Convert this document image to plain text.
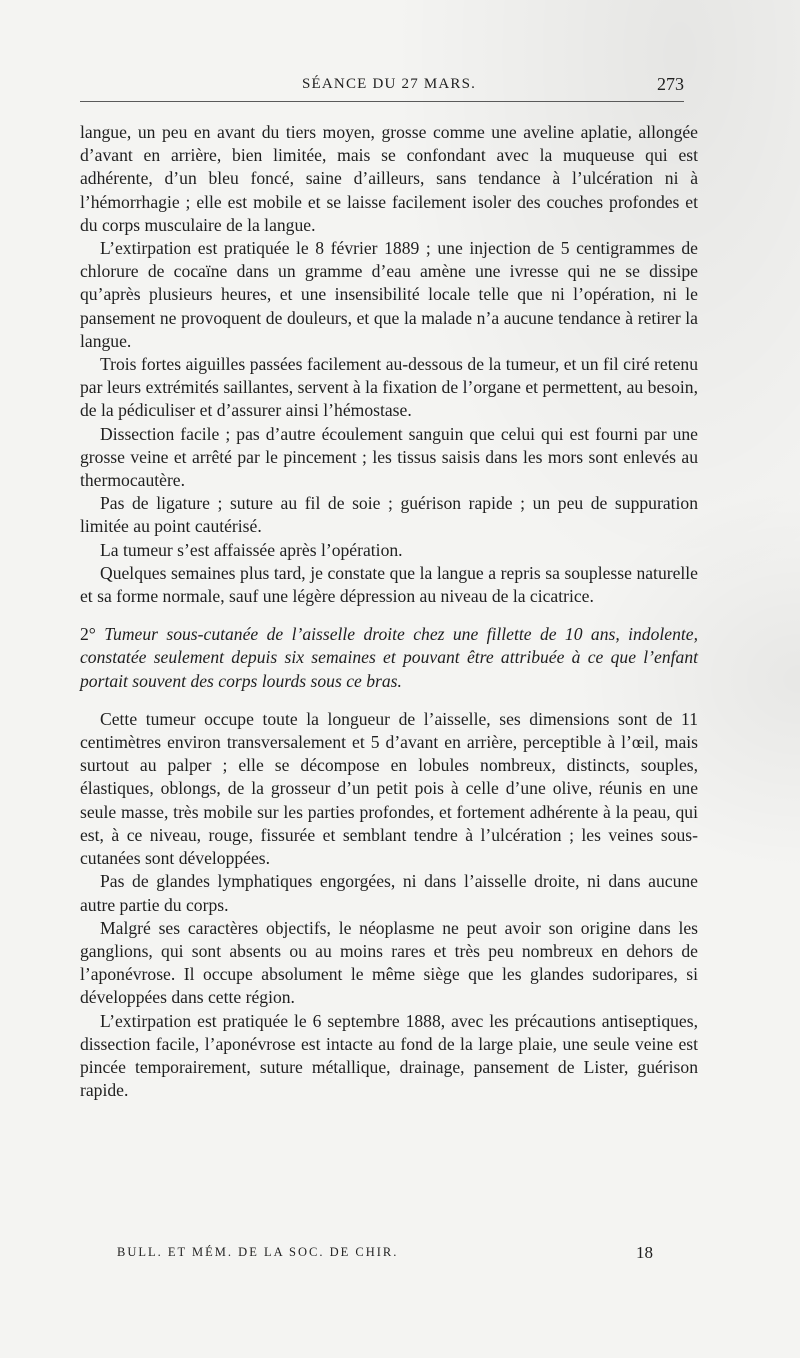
SÉANCE DU 27 MARS.	273

langue, un peu en avant du tiers moyen, grosse comme une aveline aplatie, allongée d’avant en arrière, bien limitée, mais se confondant avec la muqueuse qui est adhérente, d’un bleu foncé, saine d’ailleurs, sans tendance à l’ulcération ni à l’hémorrhagie ; elle est mobile et se laisse facilement isoler des couches profondes et du corps musculaire de la langue.

L’extirpation est pratiquée le 8 février 1889 ; une injection de 5 centigrammes de chlorure de cocaïne dans un gramme d’eau amène une ivresse qui ne se dissipe qu’après plusieurs heures, et une insensibilité locale telle que ni l’opération, ni le pansement ne provoquent de douleurs, et que la malade n’a aucune tendance à retirer la langue.

Trois fortes aiguilles passées facilement au-dessous de la tumeur, et un fil ciré retenu par leurs extrémités saillantes, servent à la fixation de l’organe et permettent, au besoin, de la pédiculiser et d’assurer ainsi l’hémostase.

Dissection facile ; pas d’autre écoulement sanguin que celui qui est fourni par une grosse veine et arrêté par le pincement ; les tissus saisis dans les mors sont enlevés au thermocautère.

Pas de ligature ; suture au fil de soie ; guérison rapide ; un peu de suppuration limitée au point cautérisé.

La tumeur s’est affaissée après l’opération.

Quelques semaines plus tard, je constate que la langue a repris sa souplesse naturelle et sa forme normale, sauf une légère dépression au niveau de la cicatrice.

2° Tumeur sous-cutanée de l’aisselle droite chez une fillette de 10 ans, indolente, constatée seulement depuis six semaines et pouvant être attribuée à ce que l’enfant portait souvent des corps lourds sous ce bras.

Cette tumeur occupe toute la longueur de l’aisselle, ses dimensions sont de 11 centimètres environ transversalement et 5 d’avant en arrière, perceptible à l’œil, mais surtout au palper ; elle se décompose en lobules nombreux, distincts, souples, élastiques, oblongs, de la grosseur d’un petit pois à celle d’une olive, réunis en une seule masse, très mobile sur les parties profondes, et fortement adhérente à la peau, qui est, à ce niveau, rouge, fissurée et semblant tendre à l’ulcération ; les veines sous-cutanées sont développées.

Pas de glandes lymphatiques engorgées, ni dans l’aisselle droite, ni dans aucune autre partie du corps.

Malgré ses caractères objectifs, le néoplasme ne peut avoir son origine dans les ganglions, qui sont absents ou au moins rares et très peu nombreux en dehors de l’aponévrose. Il occupe absolument le même siège que les glandes sudoripares, si développées dans cette région.

L’extirpation est pratiquée le 6 septembre 1888, avec les précautions antiseptiques, dissection facile, l’aponévrose est intacte au fond de la large plaie, une seule veine est pincée temporairement, suture métallique, drainage, pansement de Lister, guérison rapide.

BULL. ET MÉM. DE LA SOC. DE CHIR.	18
